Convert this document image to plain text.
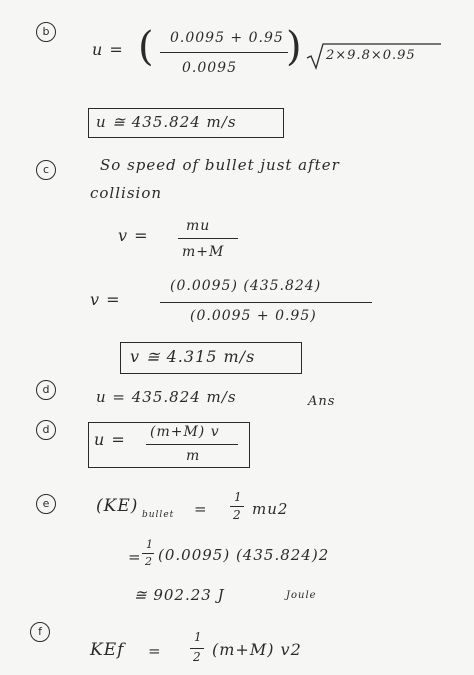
b
u = ( 0.0095 + 0.95
0.0095 ) 2×9.8×0.95
u ≅ 435.824 m/s
c	So speed of bullet just after
collision
v =	mu
m+M
v =
(0.0095) (435.824)
(0.0095 + 0.95)
v ≅ 4.315 m/s
d	u = 435.824 m/s	Ans
d
u = (m+M) v
m
e	(KE) bullet =
1
2 mu2
=
1
2 (0.0095) (435.824)2
≅ 902.23 J	Joule
f
KEf =
1
2 (m+M) v2
